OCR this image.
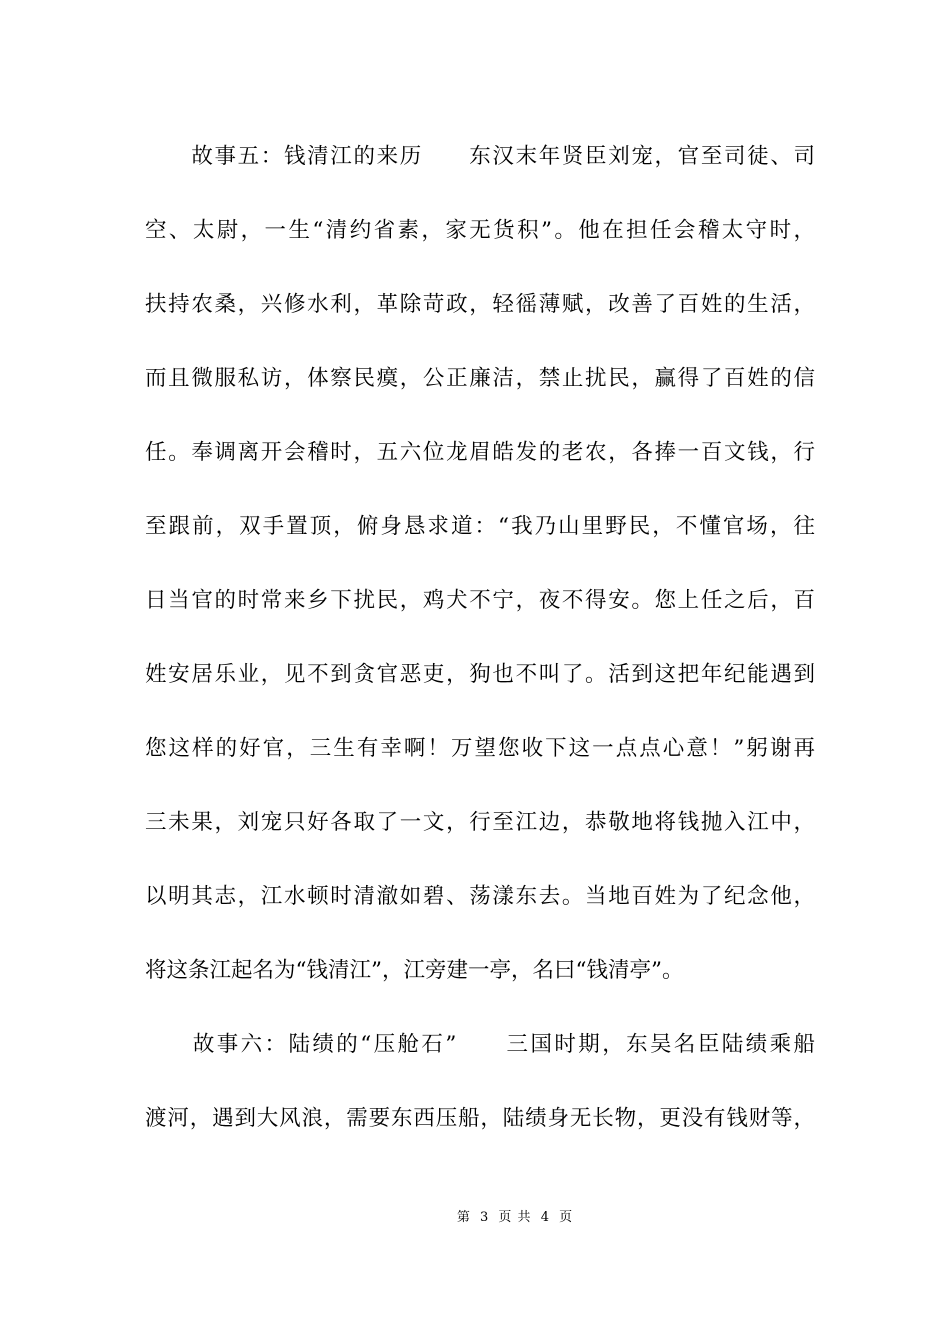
　　故事五：钱清江的来历　　东汉末年贤臣刘宠，官至司徒、司
空、太尉，一生“清约省素，家无货积”。他在担任会稽太守时，
扶持农桑，兴修水利，革除苛政，轻徭薄赋，改善了百姓的生活，
而且微服私访，体察民瘼，公正廉洁，禁止扰民，赢得了百姓的信
任。奉调离开会稽时，五六位龙眉皓发的老农，各捧一百文钱，行
至跟前，双手置顶，俯身恳求道：“我乃山里野民，不懂官场，往
日当官的时常来乡下扰民，鸡犬不宁，夜不得安。您上任之后，百
姓安居乐业，见不到贪官恶吏，狗也不叫了。活到这把年纪能遇到
您这样的好官，三生有幸啊！万望您收下这一点点心意！”躬谢再
三未果，刘宠只好各取了一文，行至江边，恭敬地将钱抛入江中，
以明其志，江水顿时清澈如碧、荡漾东去。当地百姓为了纪念他，
将这条江起名为“钱清江”，江旁建一亭，名曰“钱清亭”。
　　故事六：陆绩的“压舱石”　　三国时期，东吴名臣陆绩乘船
渡河，遇到大风浪，需要东西压船，陆绩身无长物，更没有钱财等，
第 3 页 共 4 页
